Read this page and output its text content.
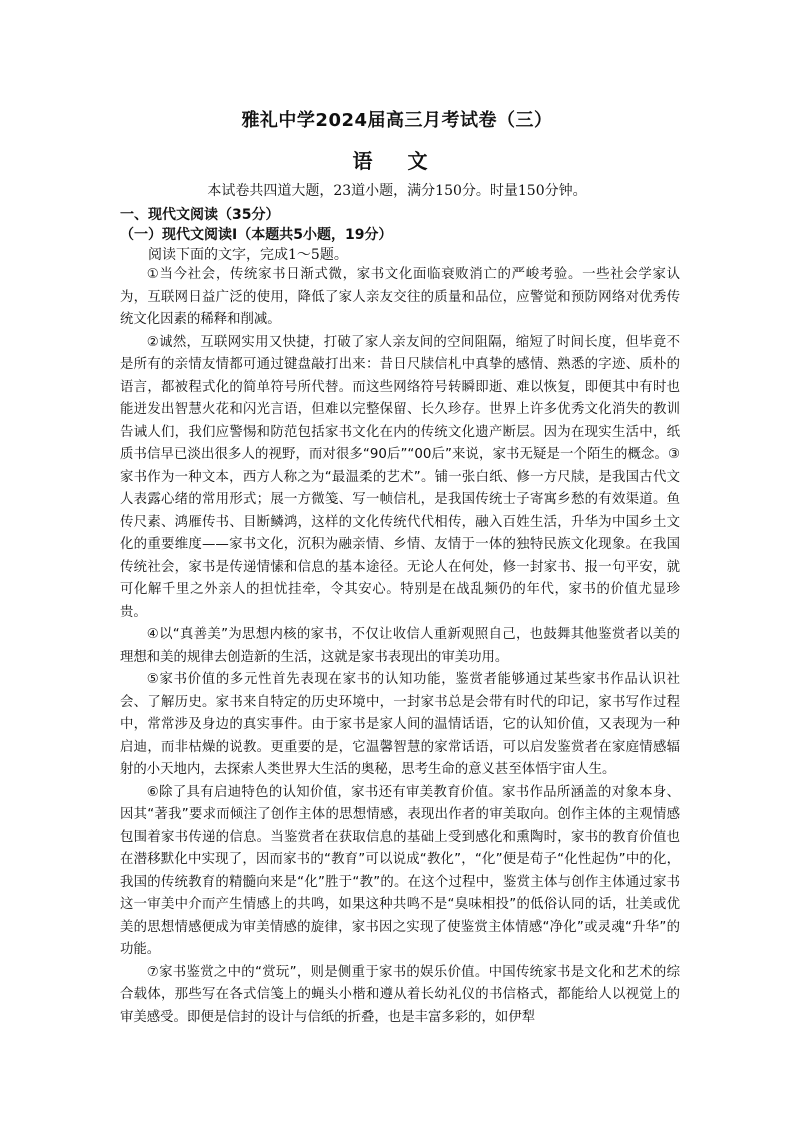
雅礼中学2024届高三月考试卷（三）
语 文
本试卷共四道大题，23道小题，满分150分。时量150分钟。
一、现代文阅读（35分）
（一）现代文阅读Ⅰ（本题共5小题，19分）
阅读下面的文字，完成1～5题。

①当今社会，传统家书日渐式微，家书文化面临衰败消亡的严峻考验。一些社会学家认为，互联网日益广泛的使用，降低了家人亲友交往的质量和品位，应警觉和预防网络对优秀传统文化因素的稀释和削减。

②诚然，互联网实用又快捷，打破了家人亲友间的空间阻隔，缩短了时间长度，但毕竟不是所有的亲情友情都可通过键盘敲打出来：昔日尺牍信札中真挚的感情、熟悉的字迹、质朴的语言，都被程式化的简单符号所代替。而这些网络符号转瞬即逝、难以恢复，即便其中有时也能迸发出智慧火花和闪光言语，但难以完整保留、长久珍存。世界上许多优秀文化消失的教训告诫人们，我们应警惕和防范包括家书文化在内的传统文化遗产断层。因为在现实生活中，纸质书信早已淡出很多人的视野，而对很多“90后”“00后”来说，家书无疑是一个陌生的概念。③家书作为一种文本，西方人称之为“最温柔的艺术”。铺一张白纸、修一方尺牍，是我国古代文人表露心绪的常用形式；展一方微笺、写一帧信札，是我国传统士子寄寓乡愁的有效渠道。鱼传尺素、鸿雁传书、目断鳞鸿，这样的文化传统代代相传，融入百姓生活，升华为中国乡土文化的重要维度——家书文化，沉积为融亲情、乡情、友情于一体的独特民族文化现象。在我国传统社会，家书是传递情愫和信息的基本途径。无论人在何处，修一封家书、报一句平安，就可化解千里之外亲人的担忧挂牵，令其安心。特别是在战乱频仍的年代，家书的价值尤显珍贵。

④以“真善美”为思想内核的家书，不仅让收信人重新观照自己，也鼓舞其他鉴赏者以美的理想和美的规律去创造新的生活，这就是家书表现出的审美功用。

⑤家书价值的多元性首先表现在家书的认知功能，鉴赏者能够通过某些家书作品认识社会、了解历史。家书来自特定的历史环境中，一封家书总是会带有时代的印记，家书写作过程中，常常涉及身边的真实事件。由于家书是家人间的温情话语，它的认知价值，又表现为一种启迪，而非枯燥的说教。更重要的是，它温馨智慧的家常话语，可以启发鉴赏者在家庭情感辐射的小天地内，去探索人类世界大生活的奥秘，思考生命的意义甚至体悟宇宙人生。

⑥除了具有启迪特色的认知价值，家书还有审美教育价值。家书作品所涵盖的对象本身、因其“著我”要求而倾注了创作主体的思想情感，表现出作者的审美取向。创作主体的主观情感包围着家书传递的信息。当鉴赏者在获取信息的基础上受到感化和熏陶时，家书的教育价值也在潜移默化中实现了，因而家书的“教育”可以说成“教化”，“化”便是荀子“化性起伪”中的化，我国的传统教育的精髓向来是“化”胜于“教”的。在这个过程中，鉴赏主体与创作主体通过家书这一审美中介而产生情感上的共鸣，如果这种共鸣不是“臭味相投”的低俗认同的话，壮美或优美的思想情感便成为审美情感的旋律，家书因之实现了使鉴赏主体情感“净化”或灵魂“升华”的功能。

⑦家书鉴赏之中的“赏玩”，则是侧重于家书的娱乐价值。中国传统家书是文化和艺术的综合载体，那些写在各式信笺上的蝇头小楷和遵从着长幼礼仪的书信格式，都能给人以视觉上的审美感受。即便是信封的设计与信纸的折叠，也是丰富多彩的，如伊犁
